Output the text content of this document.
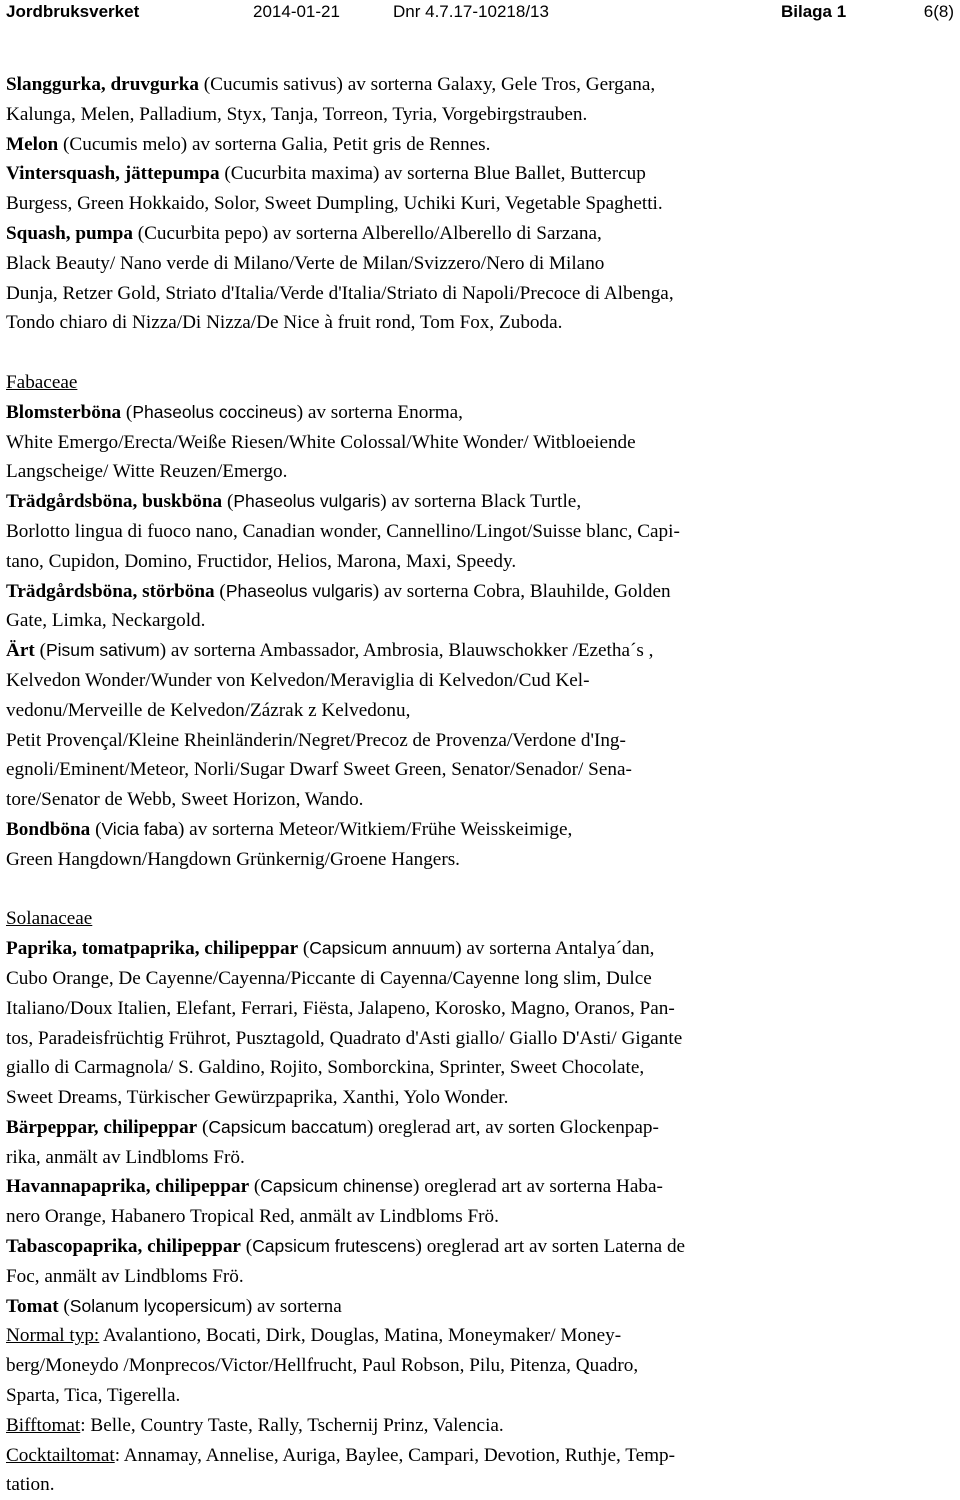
Jordbruksverket	2014-01-21	Dnr 4.7.17-10218/13	Bilaga 1	6(8)
Slanggurka, druvgurka (Cucumis sativus) av sorterna Galaxy, Gele Tros, Gergana,
Kalunga, Melen, Palladium, Styx, Tanja, Torreon, Tyria, Vorgebirgstrauben.
Melon (Cucumis melo) av sorterna Galia, Petit gris de Rennes.
Vintersquash, jättepumpa (Cucurbita maxima) av sorterna Blue Ballet, Buttercup
Burgess, Green Hokkaido, Solor, Sweet Dumpling, Uchiki Kuri, Vegetable Spaghetti.
Squash, pumpa (Cucurbita pepo) av sorterna Alberello/Alberello di Sarzana,
Black Beauty/ Nano verde di Milano/Verte de Milan/Svizzero/Nero di Milano
Dunja, Retzer Gold, Striato d'Italia/Verde d'Italia/Striato di Napoli/Precoce di Albenga,
Tondo chiaro di Nizza/Di Nizza/De Nice à fruit rond, Tom Fox, Zuboda.
Fabaceae
Blomsterböna (Phaseolus coccineus) av sorterna Enorma,
White Emergo/Erecta/Weiße Riesen/White Colossal/White Wonder/ Witbloeiende
Langscheige/ Witte Reuzen/Emergo.
Trädgårdsböna, buskböna (Phaseolus vulgaris) av sorterna Black Turtle,
Borlotto lingua di fuoco nano, Canadian wonder, Cannellino/Lingot/Suisse blanc, Capi-
tano, Cupidon, Domino, Fructidor, Helios, Marona, Maxi, Speedy.
Trädgårdsböna, störböna (Phaseolus vulgaris) av sorterna Cobra, Blauhilde, Golden
Gate, Limka, Neckargold.
Ärt (Pisum sativum) av sorterna Ambassador, Ambrosia, Blauwschokker /Ezetha´s ,
Kelvedon Wonder/Wunder von Kelvedon/Meraviglia di Kelvedon/Cud Kel-
vedonu/Merveille de Kelvedon/Zázrak z Kelvedonu,
Petit Provençal/Kleine Rheinländerin/Negret/Precoz de Provenza/Verdone d'Ing-
egnoli/Eminent/Meteor, Norli/Sugar Dwarf Sweet Green, Senator/Senador/ Sena-
tore/Senator de Webb, Sweet Horizon, Wando.
Bondböna (Vicia faba) av sorterna Meteor/Witkiem/Frühe Weisskeimige,
Green Hangdown/Hangdown Grünkernig/Groene Hangers.
Solanaceae
Paprika, tomatpaprika, chilipeppar (Capsicum annuum) av sorterna Antalya´dan,
Cubo Orange, De Cayenne/Cayenna/Piccante di Cayenna/Cayenne long slim, Dulce
Italiano/Doux Italien, Elefant, Ferrari, Fiësta, Jalapeno, Korosko, Magno, Oranos, Pan-
tos, Paradeisfrüchtig Frührot, Pusztagold, Quadrato d'Asti giallo/ Giallo D'Asti/ Gigante
giallo di Carmagnola/ S. Galdino, Rojito, Somborckina, Sprinter, Sweet Chocolate,
Sweet Dreams, Türkischer Gewürzpaprika, Xanthi, Yolo Wonder.
Bärpeppar, chilipeppar (Capsicum baccatum) oreglerad art, av sorten Glockenpap-
rika, anmält av Lindbloms Frö.
Havannapaprika, chilipeppar (Capsicum chinense) oreglerad art av sorterna Haba-
nero Orange, Habanero Tropical Red, anmält av Lindbloms Frö.
Tabascopaprika, chilipeppar (Capsicum frutescens) oreglerad art av sorten Laterna de
Foc, anmält av Lindbloms Frö.
Tomat (Solanum lycopersicum) av sorterna
Normal typ: Avalantiono, Bocati, Dirk, Douglas, Matina, Moneymaker/ Money-
berg/Moneydo /Monprecos/Victor/Hellfrucht, Paul Robson, Pilu, Pitenza, Quadro,
Sparta, Tica, Tigerella.
Bifftomat: Belle, Country Taste, Rally, Tschernij Prinz, Valencia.
Cocktailtomat: Annamay, Annelise, Auriga, Baylee, Campari, Devotion, Ruthje, Temp-
tation.
